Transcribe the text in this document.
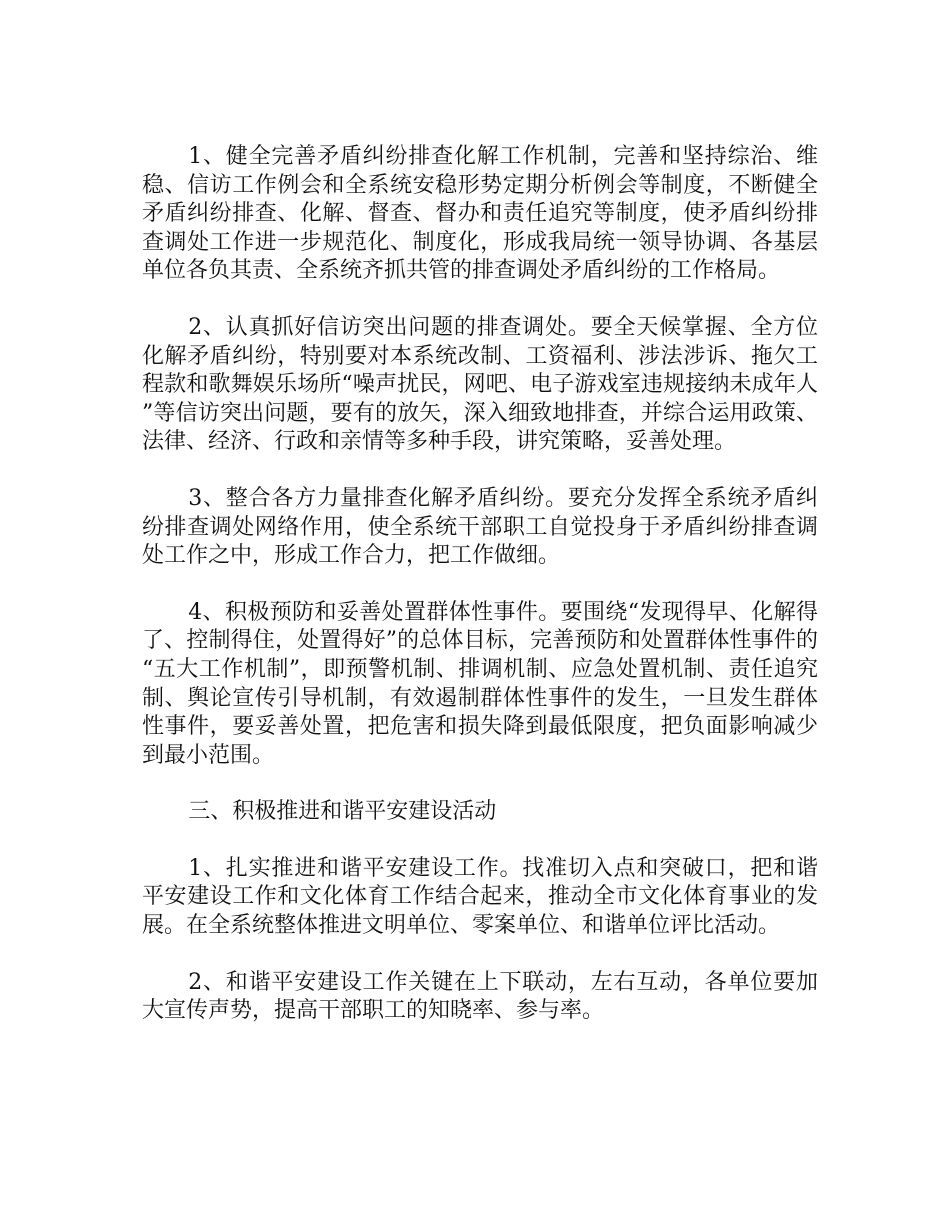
1、健全完善矛盾纠纷排查化解工作机制，完善和坚持综治、维稳、信访工作例会和全系统安稳形势定期分析例会等制度，不断健全矛盾纠纷排查、化解、督查、督办和责任追究等制度，使矛盾纠纷排查调处工作进一步规范化、制度化，形成我局统一领导协调、各基层单位各负其责、全系统齐抓共管的排查调处矛盾纠纷的工作格局。

2、认真抓好信访突出问题的排查调处。要全天候掌握、全方位化解矛盾纠纷，特别要对本系统改制、工资福利、涉法涉诉、拖欠工程款和歌舞娱乐场所“噪声扰民，网吧、电子游戏室违规接纳未成年人”等信访突出问题，要有的放矢，深入细致地排查，并综合运用政策、法律、经济、行政和亲情等多种手段，讲究策略，妥善处理。

3、整合各方力量排查化解矛盾纠纷。要充分发挥全系统矛盾纠纷排查调处网络作用，使全系统干部职工自觉投身于矛盾纠纷排查调处工作之中，形成工作合力，把工作做细。

4、积极预防和妥善处置群体性事件。要围绕“发现得早、化解得了、控制得住，处置得好”的总体目标，完善预防和处置群体性事件的“五大工作机制”，即预警机制、排调机制、应急处置机制、责任追究制、舆论宣传引导机制，有效遏制群体性事件的发生，一旦发生群体性事件，要妥善处置，把危害和损失降到最低限度，把负面影响减少到最小范围。

三、积极推进和谐平安建设活动

1、扎实推进和谐平安建设工作。找准切入点和突破口，把和谐平安建设工作和文化体育工作结合起来，推动全市文化体育事业的发展。在全系统整体推进文明单位、零案单位、和谐单位评比活动。

2、和谐平安建设工作关键在上下联动，左右互动，各单位要加大宣传声势，提高干部职工的知晓率、参与率。
